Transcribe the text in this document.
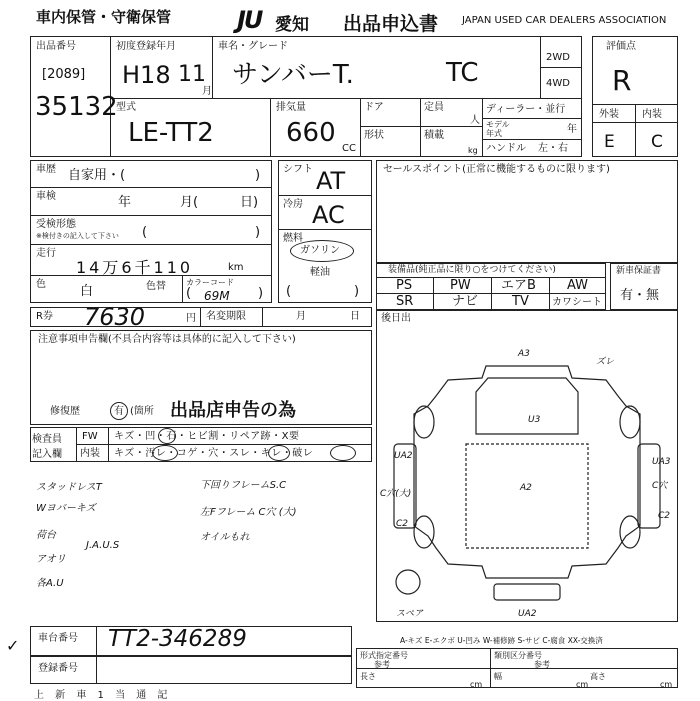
車内保管・守衛保管	JU 愛知 出品申込書 JAPAN USED CAR DEALERS ASSOCIATION
出品番号
[2089]
35132
初度登録年月
H18 11
月
車名・グレード
サンバーT.	TC
2WD
4WD
評価点
R
外装 内装
E C
型式
LE-TT2
排気量
660
CC
ドア	定員
人
形状	積載
kg
ディーラー・並行
モデル
年式	年
ハンドル 左・右
車歴 自家用・(	)
車検	年	月(	日)
受検形態
※検付きの記入して下さい (	)
走行
14万6千110	km
色	白	色替	カラーコード
69M
(	)
シフト AT
冷房 AC
燃料
ガソリン
軽油
(	)
セールスポイント(正常に機能するものに限ります)
装備品(純正品に限り○をつけてください)
PS	PW エアB AW
SR	ナビ	TV カワシート
新車保証書
有・無
R券 7630	円 名変期限	月	日 後日出
注意事項申告欄(不具合内容等は具体的に記入して下さい)
修復歴	有 (箇所 出品店申告の為
検査員
記入欄
FW キズ・凹・石・ヒビ割・リペア跡・X要
内装 キズ・汚レ・コゲ・穴・スレ・キレ・破レ
スタッドレスT	下回りフレームS.C
Wヨバーキズ	左Fフレーム C穴 (大)
荷台
J.A.U.S
オイルもれ
アオリ
各A.U
A3
ズレ
U3
UA2
UA3
A2
C穴(大)
C2
C2
スペア	UA2
C穴
A-キズ E-エクボ U-凹み W-補修跡 S-サビ C-腐食 XX-交換済
車台番号 TT2-346289
登録番号
形式指定番号
参考
類別区分番号
参考
長さ
cm
幅
cm
高さ
cm
上 新 車 1 当 通 記
✓
